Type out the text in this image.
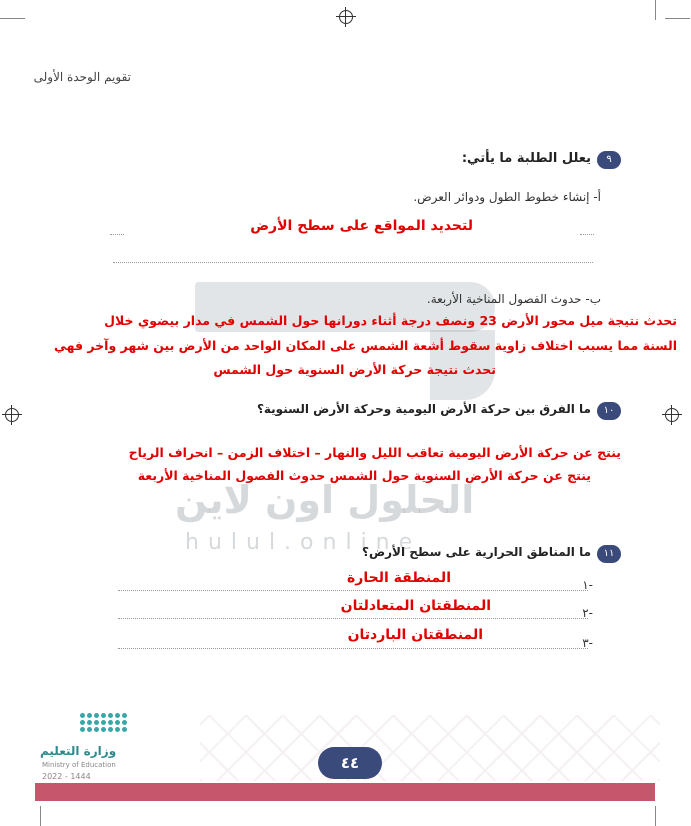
الحلول اون لاين
hulul.online
تقويم الوحدة الأولى
٩
يعلل الطلبة ما يأتي:
أ- إنشاء خطوط الطول ودوائر العرض.
لتحديد المواقع على سطح الأرض
ب- حدوث الفصول المناخية الأربعة.
تحدث نتيجة ميل محور الأرض 23 ونصف درجة أثناء دورانها حول الشمس في مدار بيضوي خلال
السنة مما يسبب اختلاف زاوية سقوط أشعة الشمس على المكان الواحد من الأرض بين شهر وآخر فهي
تحدث نتيجة حركة الأرض السنوية حول الشمس
١٠
ما الفرق بين حركة الأرض اليومية وحركة الأرض السنوية؟
ينتج عن حركة الأرض اليومية تعاقب الليل والنهار – اختلاف الزمن – انحراف الرياح
ينتج عن حركة الأرض السنوية حول الشمس حدوث الفصول المناخية الأربعة
١١
ما المناطق الحرارية على سطح الأرض؟
-١
المنطقة الحارة
-٢
المنطقتان المتعادلتان
-٣
المنطقتان الباردتان
٤٤
وزارة التعليم
Ministry of Education
2022 - 1444
